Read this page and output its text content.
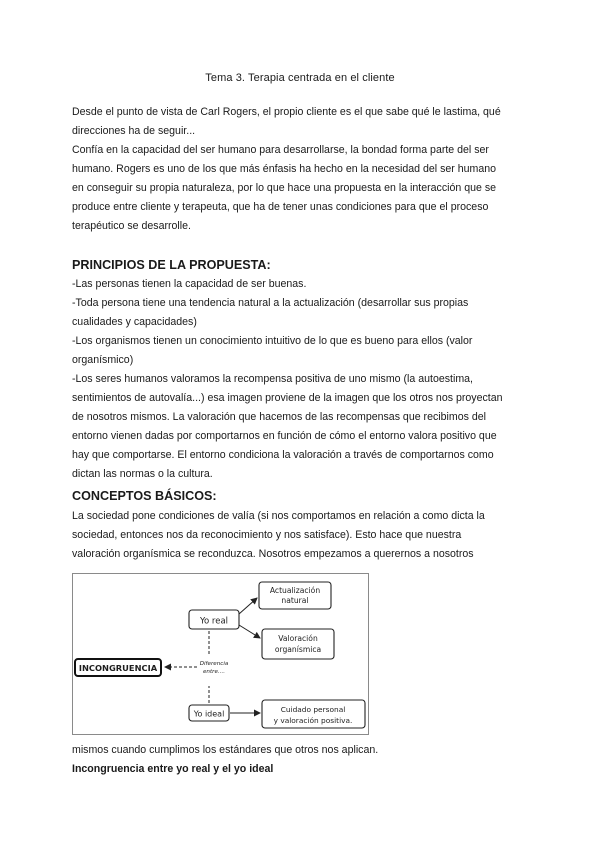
Tema 3. Terapia centrada en el cliente

Desde el punto de vista de Carl Rogers, el propio cliente es el que sabe qué le lastima, qué

direcciones ha de seguir...

Confía en la capacidad del ser humano para desarrollarse, la bondad forma parte del ser

humano. Rogers es uno de los que más énfasis ha hecho en la necesidad del ser humano

en conseguir su propia naturaleza, por lo que hace una propuesta en la interacción que se

produce entre cliente y terapeuta, que ha de tener unas condiciones para que el proceso

terapéutico se desarrolle.

PRINCIPIOS DE LA PROPUESTA:

-Las personas tienen la capacidad de ser buenas.

-Toda persona tiene una tendencia natural a la actualización (desarrollar sus propias

cualidades y capacidades)

-Los organismos tienen un conocimiento intuitivo de lo que es bueno para ellos (valor

organísmico)

-Los seres humanos valoramos la recompensa positiva de uno mismo (la autoestima,

sentimientos de autovalía...) esa imagen proviene de la imagen que los otros nos proyectan

de nosotros mismos. La valoración que hacemos de las recompensas que recibimos del

entorno vienen dadas por comportarnos en función de cómo el entorno valora positivo que

hay que comportarse. El entorno condiciona la valoración a través de comportarnos como

dictan las normas o la cultura.

CONCEPTOS BÁSICOS:

La sociedad pone condiciones de valía (si nos comportamos en relación a como dicta la

sociedad, entonces nos da reconocimiento y nos satisface). Esto hace que nuestra

valoración organísmica se reconduzca. Nosotros empezamos a querernos a nosotros

Yo real
Actualización
natural
Valoración
organísmica
INCONGRUENCIA	Diferencia
entre....
Yo ideal	Cuidado personal
y valoración positiva.

mismos cuando cumplimos los estándares que otros nos aplican.

Incongruencia entre yo real y el yo ideal
